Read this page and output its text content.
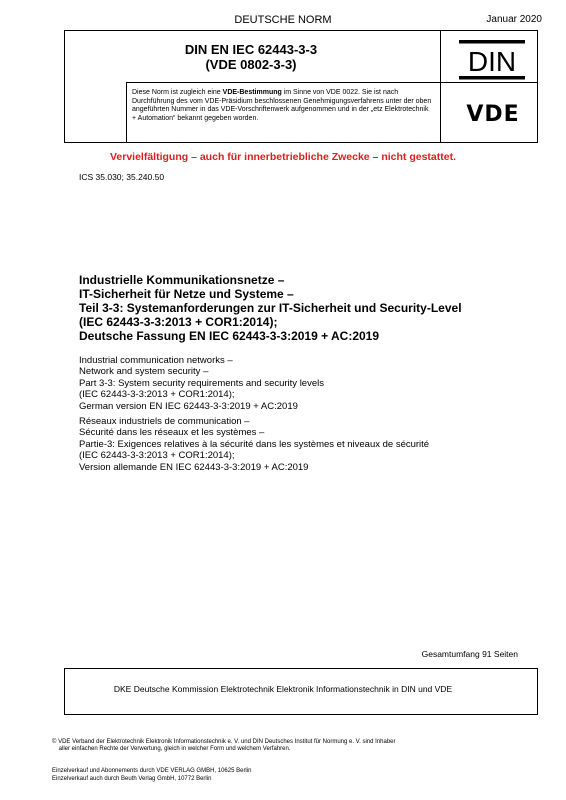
DEUTSCHE NORM	Januar 2020
DIN EN IEC 62443-3-3
(VDE 0802-3-3)	DIN
VDE
Diese Norm ist zugleich eine VDE-Bestimmung im Sinne von VDE 0022. Sie ist nach Durchführung des vom VDE-Präsidium beschlossenen Genehmigungsverfahrens unter der oben angeführten Nummer in das VDE-Vorschriftenwerk aufgenommen und in der „etz Elektrotechnik + Automation“ bekannt gegeben worden.
Vervielfältigung – auch für innerbetriebliche Zwecke – nicht gestattet.
ICS 35.030; 35.240.50
Industrielle Kommunikationsnetze –
IT-Sicherheit für Netze und Systeme –
Teil 3-3: Systemanforderungen zur IT-Sicherheit und Security-Level
(IEC 62443-3-3:2013 + COR1:2014);
Deutsche Fassung EN IEC 62443-3-3:2019 + AC:2019
Industrial communication networks –
Network and system security –
Part 3-3: System security requirements and security levels
(IEC 62443-3-3:2013 + COR1:2014);
German version EN IEC 62443-3-3:2019 + AC:2019
Réseaux industriels de communication –
Sécurité dans les réseaux et les systèmes –
Partie-3: Exigences relatives à la sécurité dans les systèmes et niveaux de sécurité
(IEC 62443-3-3:2013 + COR1:2014);
Version allemande EN IEC 62443-3-3:2019 + AC:2019
Gesamtumfang 91 Seiten
DKE Deutsche Kommission Elektrotechnik Elektronik Informationstechnik in DIN und VDE
© VDE Verband der Elektrotechnik Elektronik Informationstechnik e. V. und DIN Deutsches Institut für Normung e. V. sind Inhaber
aller einfachen Rechte der Verwertung, gleich in welcher Form und welchem Verfahren.
Einzelverkauf und Abonnements durch VDE VERLAG GMBH, 10625 Berlin
Einzelverkauf auch durch Beuth Verlag GmbH, 10772 Berlin
